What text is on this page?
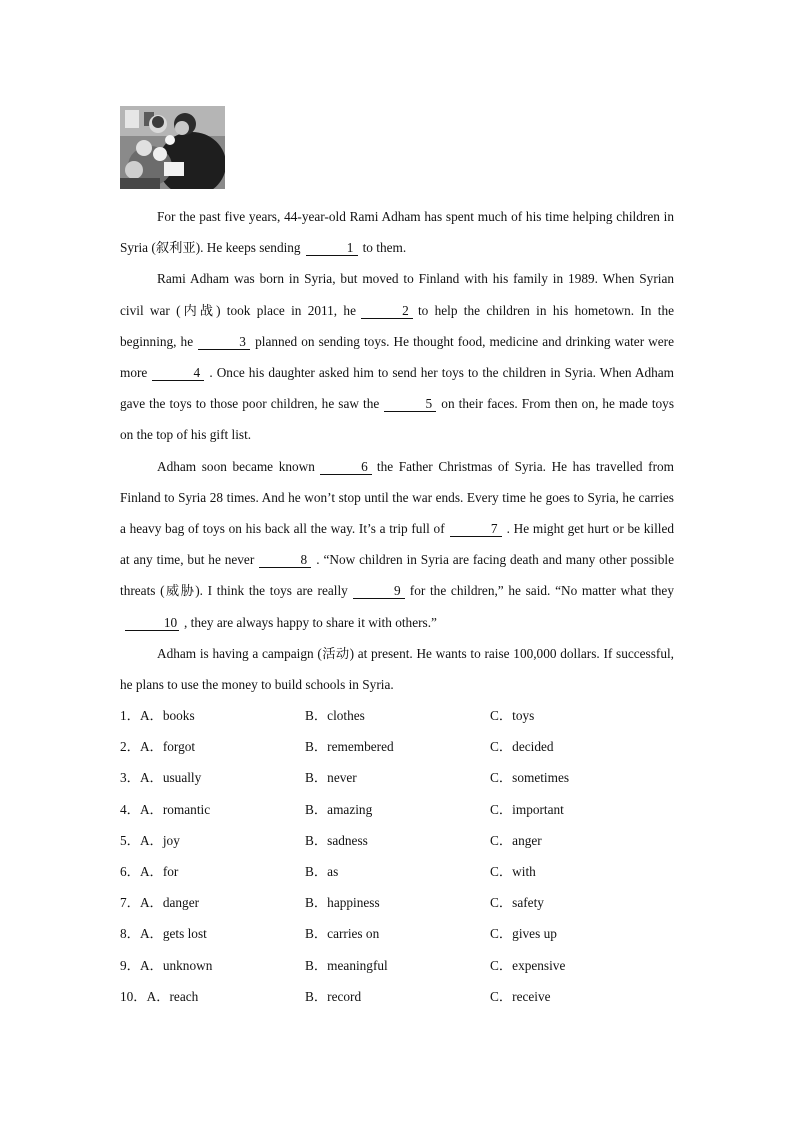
For the past five years, 44-year-old Rami Adham has spent much of his time helping children in Syria (叙利亚). He keeps sending	1 to them.

Rami Adham was born in Syria, but moved to Finland with his family in 1989. When Syrian civil war (内战) took place in 2011, he	2 to help the children in his hometown. In the beginning, he	3 planned on sending toys. He thought food, medicine and drinking water were more	4 . Once his daughter asked him to send her toys to the children in Syria. When Adham gave the toys to those poor children, he saw the	5 on their faces. From then on, he made toys on the top of his gift list.

Adham soon became known	6 the Father Christmas of Syria. He has travelled from Finland to Syria 28 times. And he won’t stop until the war ends. Every time he goes to Syria, he carries a heavy bag of toys on his back all the way. It’s a trip full of	7 . He might get hurt or be killed at any time, but he never	8 . “Now children in Syria are facing death and many other possible threats (威胁). I think the toys are really	9 for the children,” he said. “No matter what they10 , they are always happy to share it with others.”

Adham is having a campaign (活动) at present. He wants to raise 100,000 dollars. If successful, he plans to use the money to build schools in Syria.

1．A． books	B． clothes	C． toys
2．A． forgot	B． remembered	C． decided
3．A． usually	B． never	C． sometimes
4．A． romantic	B． amazing	C． important
5．A． joy	B． sadness	C． anger
6．A． for	B． as	C． with
7．A． danger	B． happiness	C． safety
8．A． gets lost	B． carries on	C． gives up
9．A． unknown	B． meaningful	C． expensive
10．A． reach	B． record	C． receive
